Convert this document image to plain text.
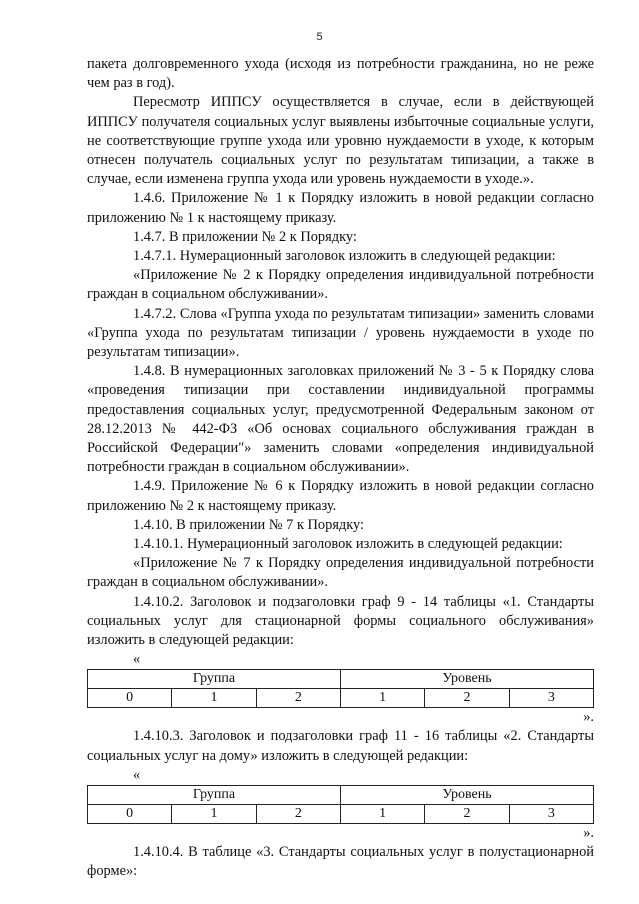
5

пакета долговременного ухода (исходя из потребности гражданина, но не реже чем раз в год).

Пересмотр ИППСУ осуществляется в случае, если в действующей ИППСУ получателя социальных услуг выявлены избыточные социальные услуги, не соответствующие группе ухода или уровню нуждаемости в уходе, к которым отнесен получатель социальных услуг по результатам типизации, а также в случае, если изменена группа ухода или уровень нуждаемости в уходе.».

1.4.6. Приложение № 1 к Порядку изложить в новой редакции согласно приложению № 1 к настоящему приказу.

1.4.7. В приложении № 2 к Порядку:

1.4.7.1. Нумерационный заголовок изложить в следующей редакции:

«Приложение № 2 к Порядку определения индивидуальной потребности граждан в социальном обслуживании».

1.4.7.2. Слова «Группа ухода по результатам типизации» заменить словами «Группа ухода по результатам типизации / уровень нуждаемости в уходе по результатам типизации».

1.4.8. В нумерационных заголовках приложений № 3 - 5 к Порядку слова «проведения типизации при составлении индивидуальной программы предоставления социальных услуг, предусмотренной Федеральным законом от 28.12.2013 № 442-ФЗ «Об основах социального обслуживания граждан в Российской Федерации"» заменить словами «определения индивидуальной потребности граждан в социальном обслуживании».

1.4.9. Приложение № 6 к Порядку изложить в новой редакции согласно приложению № 2 к настоящему приказу.

1.4.10. В приложении № 7 к Порядку:

1.4.10.1. Нумерационный заголовок изложить в следующей редакции:

«Приложение № 7 к Порядку определения индивидуальной потребности граждан в социальном обслуживании».

1.4.10.2. Заголовок и подзаголовки граф 9 - 14 таблицы «1. Стандарты социальных услуг для стационарной формы социального обслуживания» изложить в следующей редакции:

«
Группа			Уровень		
0	1	2	1	2	3
».

1.4.10.3. Заголовок и подзаголовки граф 11 - 16 таблицы «2. Стандарты социальных услуг на дому» изложить в следующей редакции:

«
Группа			Уровень		
0	1	2	1	2	3
».

1.4.10.4. В таблице «3. Стандарты социальных услуг в полустационарной форме»:
